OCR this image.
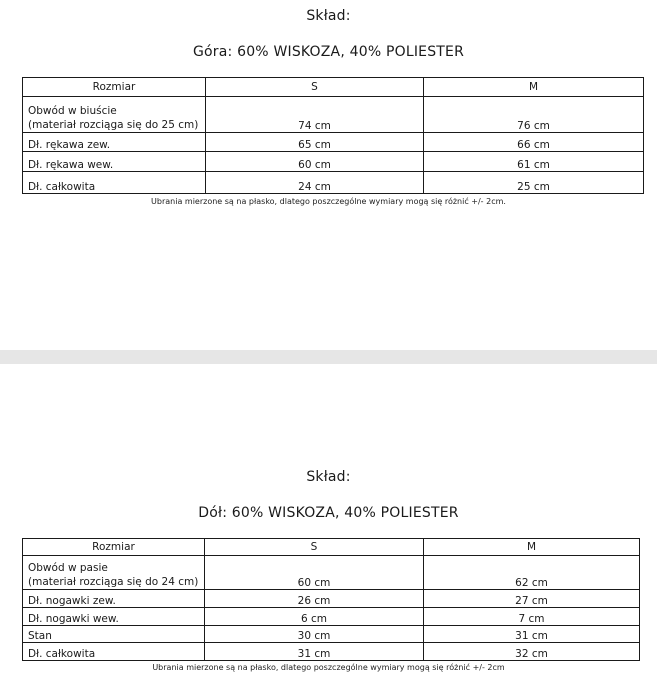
Skład:
Góra: 60% WISKOZA, 40% POLIESTER
Rozmiar	S	M

Obwód w biuście
(materiał rozciąga się do 25 cm)	74 cm	76 cm
Dł. rękawa zew.	65 cm	66 cm
Dł. rękawa wew.	60 cm	61 cm
Dł. całkowita	24 cm	25 cm
Ubrania mierzone są na płasko, dlatego poszczególne wymiary mogą się różnić +/- 2cm.
Skład:
Dół: 60% WISKOZA, 40% POLIESTER
Rozmiar	S	M

Obwód w pasie
(materiał rozciąga się do 24 cm)	60 cm	62 cm
Dł. nogawki zew.	26 cm	27 cm
Dł. nogawki wew.	6 cm	7 cm
Stan	30 cm	31 cm
Dł. całkowita	31 cm	32 cm
Ubrania mierzone są na płasko, dlatego poszczególne wymiary mogą się różnić +/- 2cm
